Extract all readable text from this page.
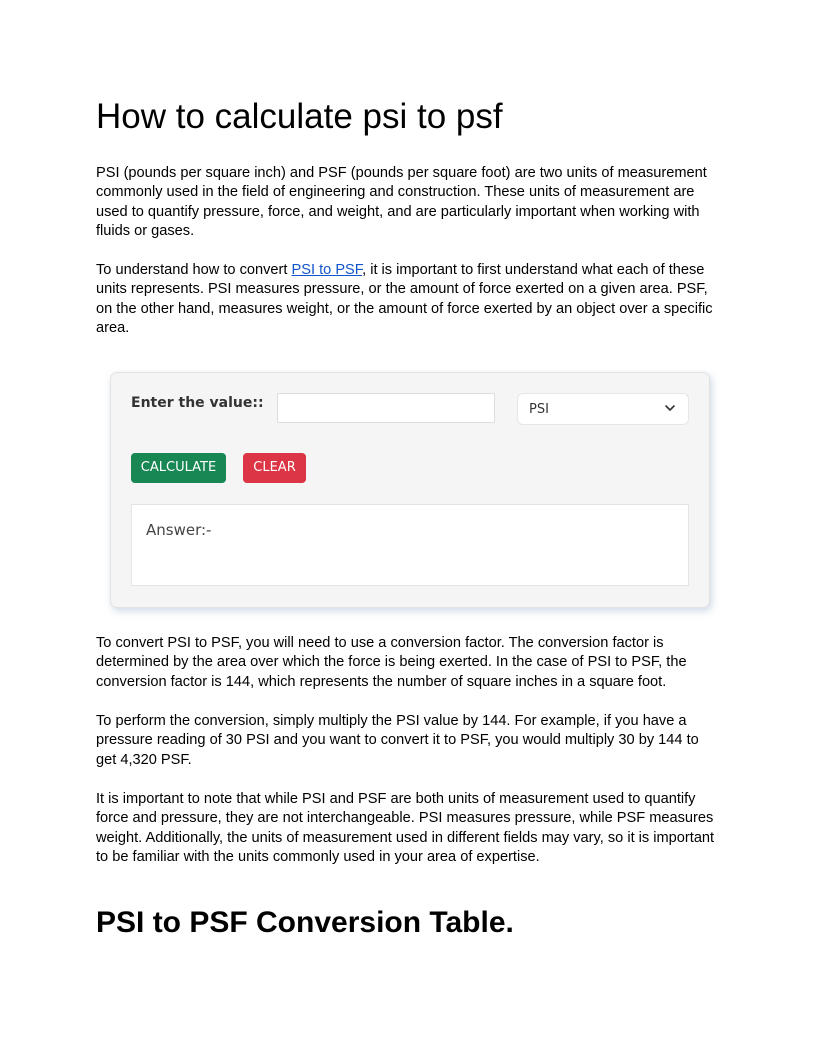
How to calculate psi to psf

PSI (pounds per square inch) and PSF (pounds per square foot) are two units of measurement commonly used in the field of engineering and construction. These units of measurement are used to quantify pressure, force, and weight, and are particularly important when working with fluids or gases.

To understand how to convert PSI to PSF, it is important to first understand what each of these units represents. PSI measures pressure, or the amount of force exerted on a given area. PSF, on the other hand, measures weight, or the amount of force exerted by an object over a specific area.

To convert PSI to PSF, you will need to use a conversion factor. The conversion factor is determined by the area over which the force is being exerted. In the case of PSI to PSF, the conversion factor is 144, which represents the number of square inches in a square foot.

To perform the conversion, simply multiply the PSI value by 144. For example, if you have a pressure reading of 30 PSI and you want to convert it to PSF, you would multiply 30 by 144 to get 4,320 PSF.

It is important to note that while PSI and PSF are both units of measurement used to quantify force and pressure, they are not interchangeable. PSI measures pressure, while PSF measures weight. Additionally, the units of measurement used in different fields may vary, so it is important to be familiar with the units commonly used in your area of expertise.

PSI to PSF Conversion Table.
Enter the value::	PSI
CALCULATE	CLEAR
Answer:-
